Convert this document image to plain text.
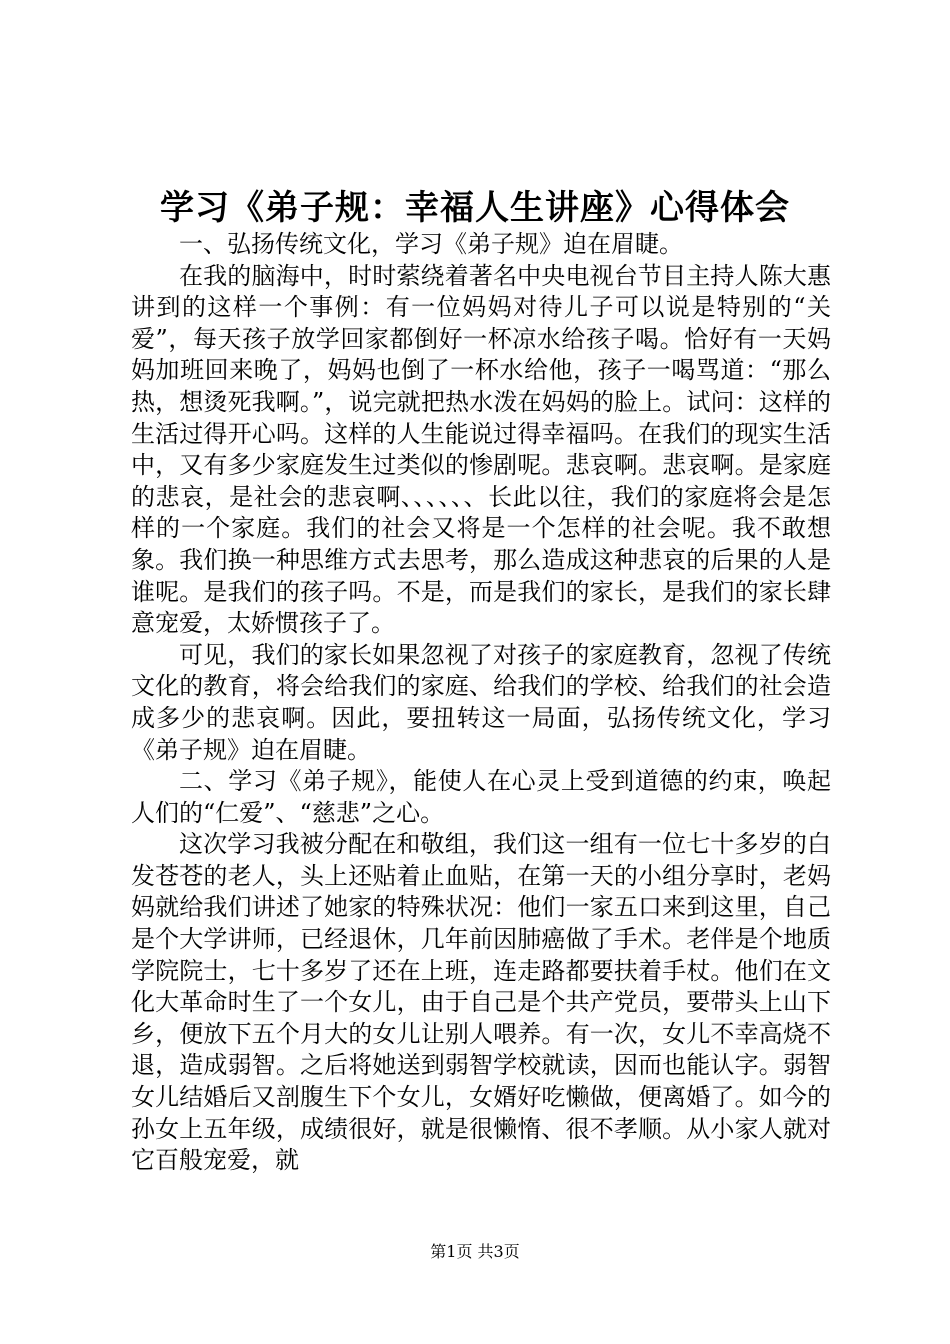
学习《弟子规：幸福人生讲座》心得体会

一、弘扬传统文化，学习《弟子规》迫在眉睫。

在我的脑海中，时时萦绕着著名中央电视台节目主持人陈大惠讲到的这样一个事例：有一位妈妈对待儿子可以说是特别的“关爱”，每天孩子放学回家都倒好一杯凉水给孩子喝。恰好有一天妈妈加班回来晚了，妈妈也倒了一杯水给他，孩子一喝骂道：“那么热，想烫死我啊。”，说完就把热水泼在妈妈的脸上。试问：这样的生活过得开心吗。这样的人生能说过得幸福吗。在我们的现实生活中，又有多少家庭发生过类似的惨剧呢。悲哀啊。悲哀啊。是家庭的悲哀，是社会的悲哀啊、、、、、、长此以往，我们的家庭将会是怎样的一个家庭。我们的社会又将是一个怎样的社会呢。我不敢想象。我们换一种思维方式去思考，那么造成这种悲哀的后果的人是谁呢。是我们的孩子吗。不是，而是我们的家长，是我们的家长肆意宠爱，太娇惯孩子了。

可见，我们的家长如果忽视了对孩子的家庭教育，忽视了传统文化的教育，将会给我们的家庭、给我们的学校、给我们的社会造成多少的悲哀啊。因此，要扭转这一局面，弘扬传统文化，学习《弟子规》迫在眉睫。

二、学习《弟子规》，能使人在心灵上受到道德的约束，唤起人们的“仁爱”、“慈悲”之心。

这次学习我被分配在和敬组，我们这一组有一位七十多岁的白发苍苍的老人，头上还贴着止血贴，在第一天的小组分享时，老妈妈就给我们讲述了她家的特殊状况：他们一家五口来到这里，自己是个大学讲师，已经退休，几年前因肺癌做了手术。老伴是个地质学院院士，七十多岁了还在上班，连走路都要扶着手杖。他们在文化大革命时生了一个女儿，由于自己是个共产党员，要带头上山下乡，便放下五个月大的女儿让别人喂养。有一次，女儿不幸高烧不退，造成弱智。之后将她送到弱智学校就读，因而也能认字。弱智女儿结婚后又剖腹生下个女儿，女婿好吃懒做，便离婚了。如今的孙女上五年级，成绩很好，就是很懒惰、很不孝顺。从小家人就对它百般宠爱，就

第1页 共3页
